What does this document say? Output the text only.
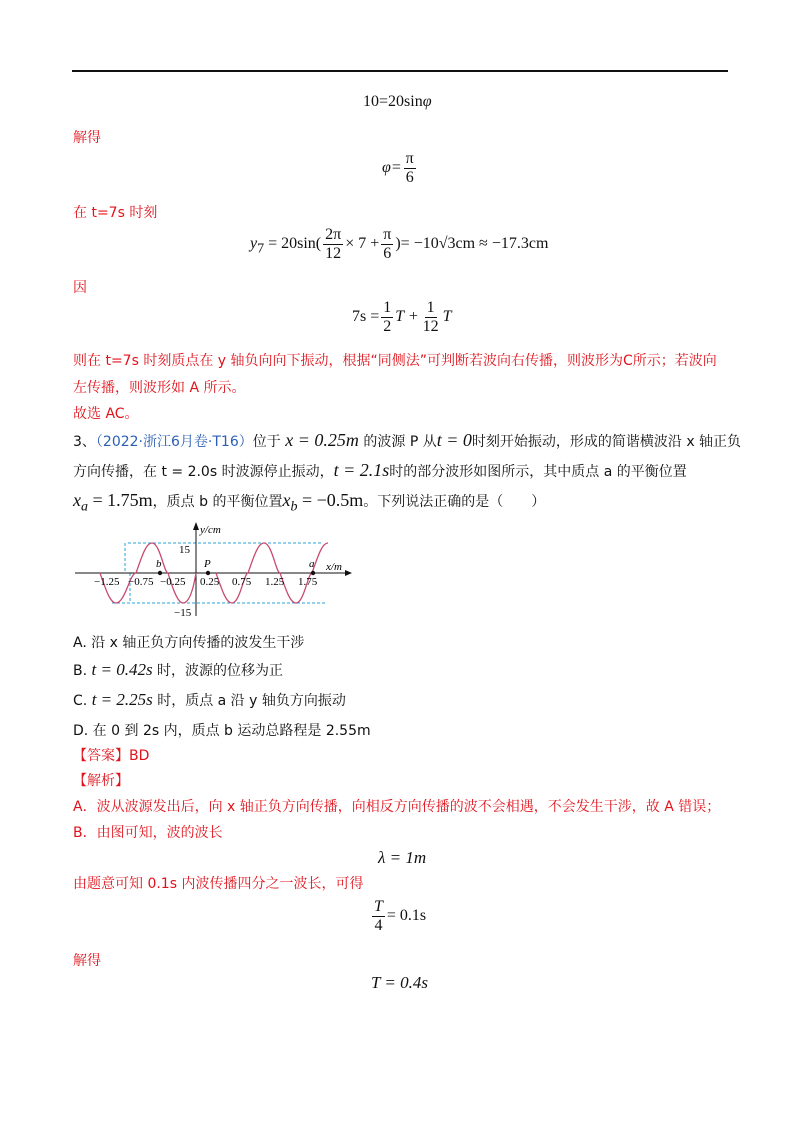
10=20sinφ
解得
$\varphi= \frac{\pi}{6}$
在 t=7s 时刻
$y_7 = 20\sin( \frac{2\pi}{12} \times 7 + \frac{\pi}{6}$ )= −10√3cm ≈ −17.3cm
因
$7s = \frac{1}{2}$ $T + \frac{1}{12}$ T
则在 t=7s 时刻质点在 y 轴负向向下振动，根据“同侧法”可判断若波向右传播，则波形为C所示；若波向
左传播，则波形如 A 所示。
故选 AC。
3、（2022·浙江6月卷·T16）位于 x = 0.25m 的波源 P 从t = 0时刻开始振动，形成的简谐横波沿 x 轴正负
方向传播，在 t = 2.0s 时波源停止振动，t = 2.1s时的部分波形如图所示，其中质点 a 的平衡位置
$x_a = 1.75m$，质点 b 的平衡位置$x_b = -0.5m$。下列说法正确的是（　　）
y/cm
x/m
15
−15
b	P	a
−1.25 −0.75 −0.25 0.25 0.75 1.25 1.75
A. 沿 x 轴正负方向传播的波发生干涉
B. t = 0.42s 时，波源的位移为正
C. t = 2.25s 时，质点 a 沿 y 轴负方向振动
D. 在 0 到 2s 内，质点 b 运动总路程是 2.55m
【答案】BD
【解析】
A．波从波源发出后，向 x 轴正负方向传播，向相反方向传播的波不会相遇，不会发生干涉，故 A 错误；
B．由图可知，波的波长
λ = 1m
由题意可知 0.1s 内波传播四分之一波长，可得
$\frac{T}{4} = 0.1s$
解得
T = 0.4s
